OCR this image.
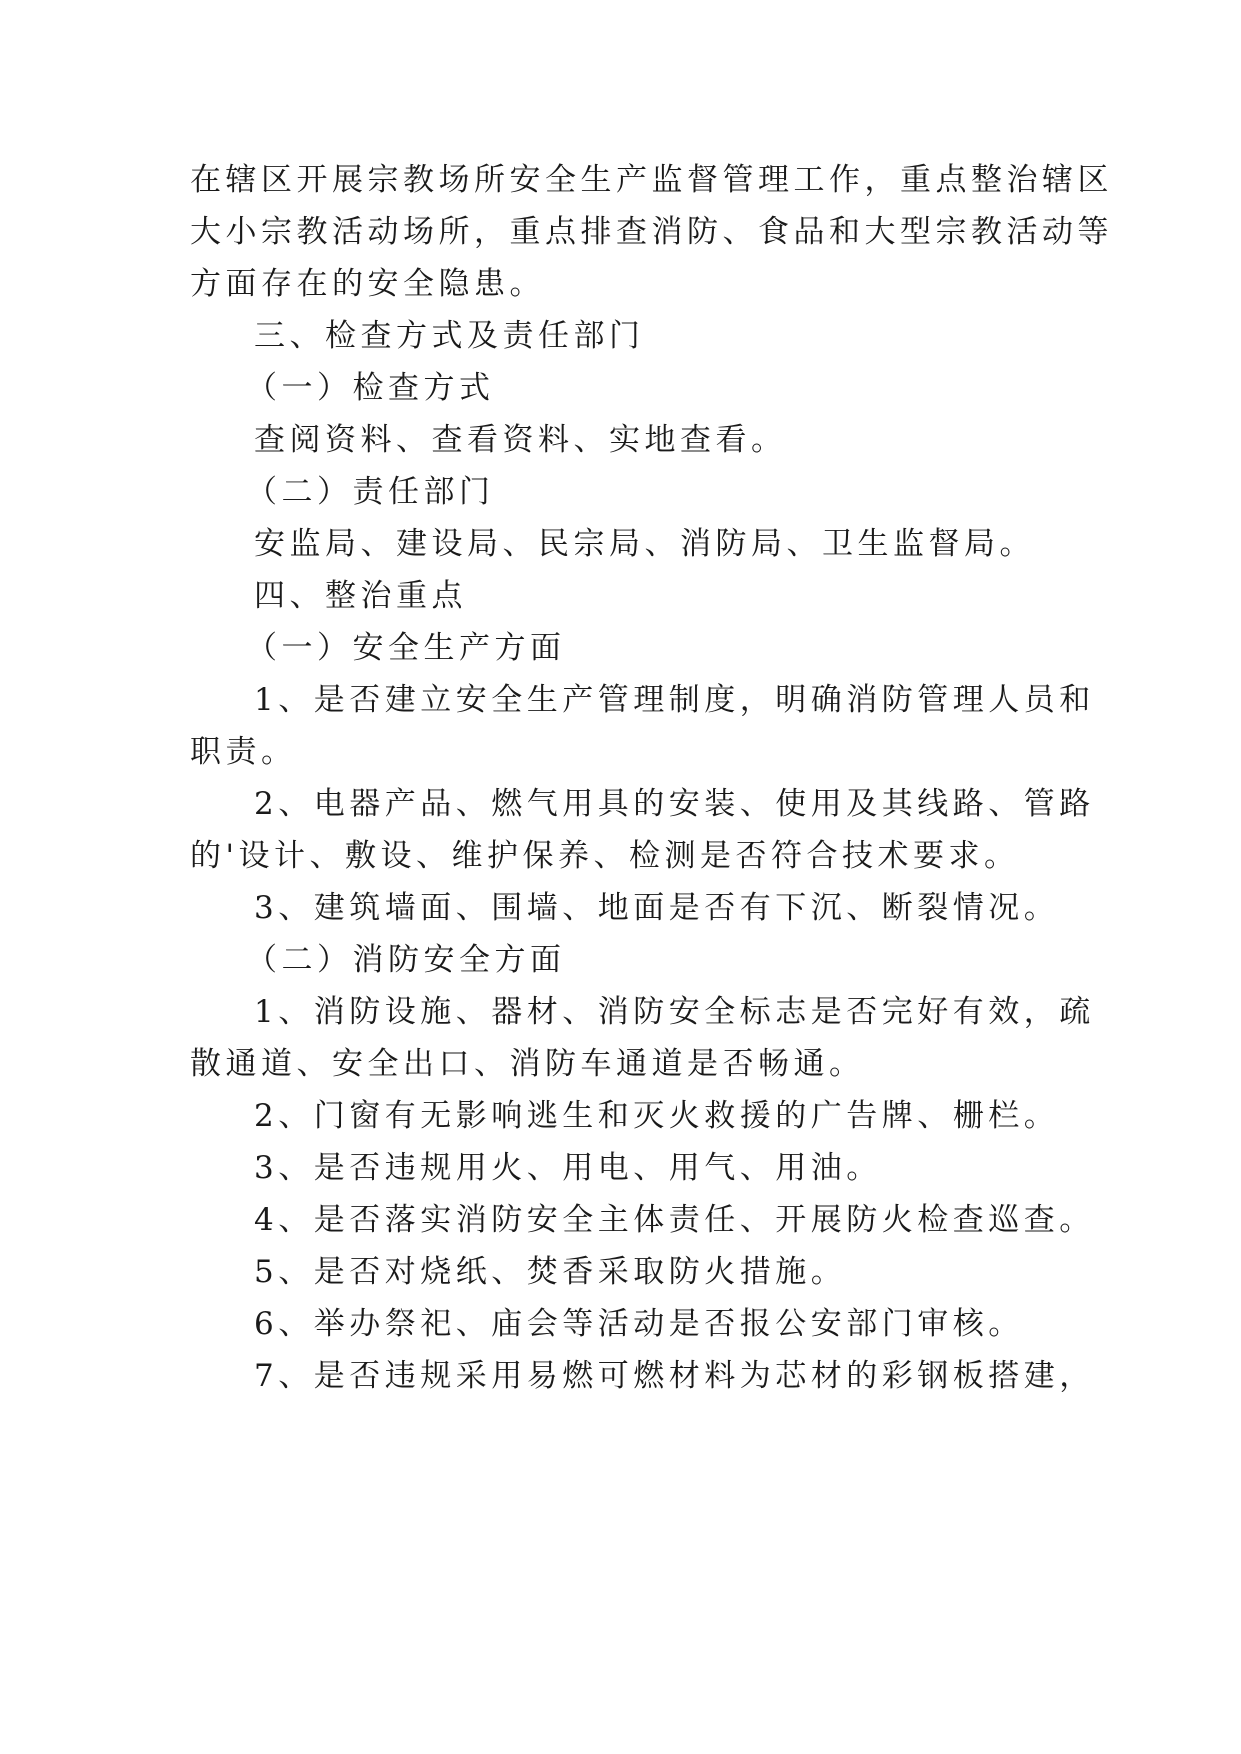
在辖区开展宗教场所安全生产监督管理工作，重点整治辖区
大小宗教活动场所，重点排查消防、食品和大型宗教活动等
方面存在的安全隐患。
三、检查方式及责任部门
（一）检查方式
查阅资料、查看资料、实地查看。
（二）责任部门
安监局、建设局、民宗局、消防局、卫生监督局。
四、整治重点
（一）安全生产方面
1、是否建立安全生产管理制度，明确消防管理人员和
职责。
2、电器产品、燃气用具的安装、使用及其线路、管路
的'设计、敷设、维护保养、检测是否符合技术要求。
3、建筑墙面、围墙、地面是否有下沉、断裂情况。
（二）消防安全方面
1、消防设施、器材、消防安全标志是否完好有效，疏
散通道、安全出口、消防车通道是否畅通。
2、门窗有无影响逃生和灭火救援的广告牌、栅栏。
3、是否违规用火、用电、用气、用油。
4、是否落实消防安全主体责任、开展防火检查巡查。
5、是否对烧纸、焚香采取防火措施。
6、举办祭祀、庙会等活动是否报公安部门审核。
7、是否违规采用易燃可燃材料为芯材的彩钢板搭建，
